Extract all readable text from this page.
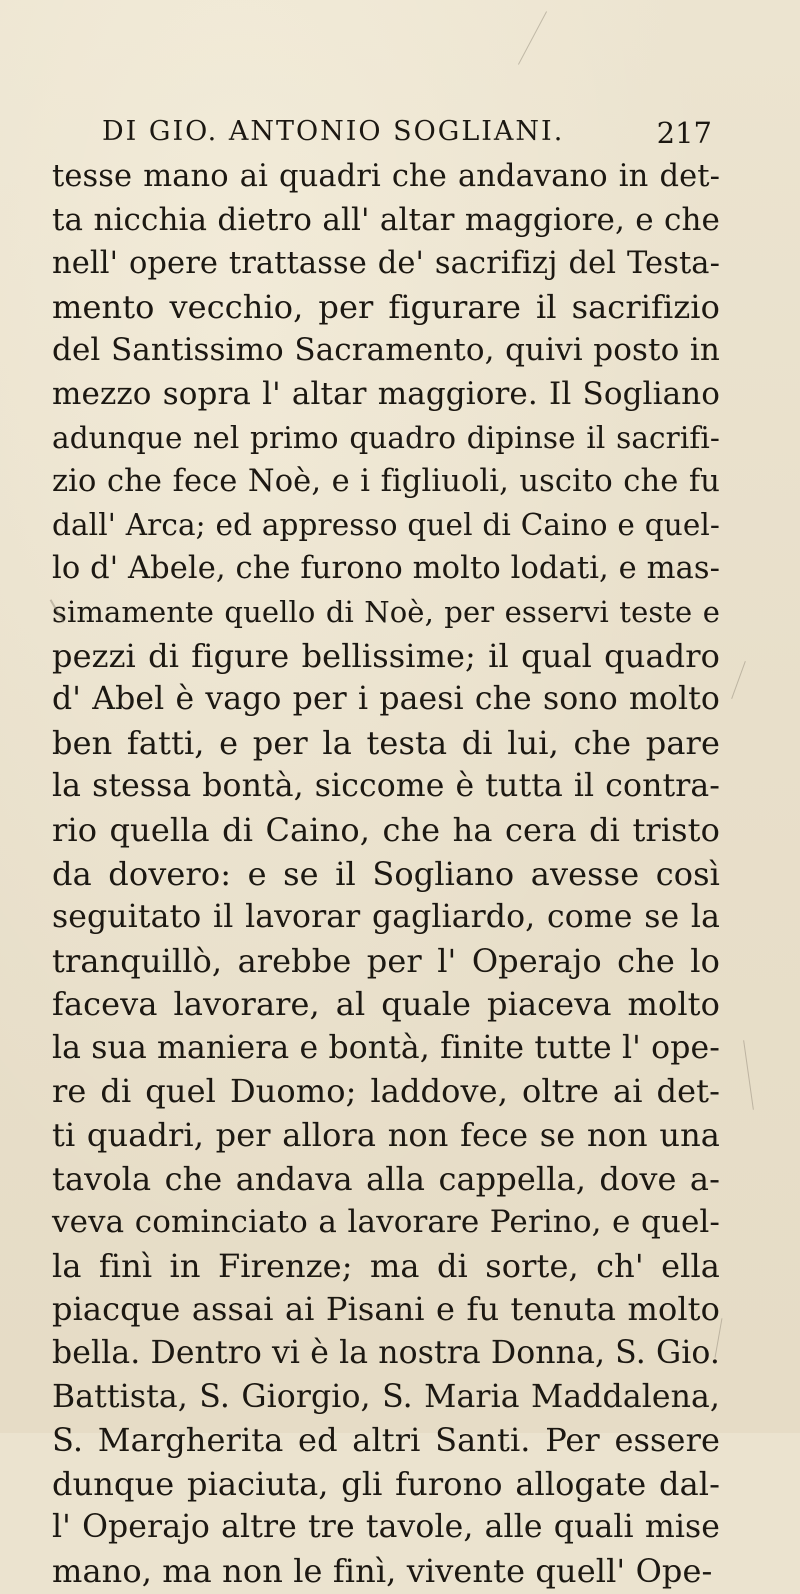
DI GIO. ANTONIO SOGLIANI.	217
tesse mano ai quadri che andavano in det-
ta nicchia dietro all' altar maggiore, e che
nell' opere trattasse de' sacrifizj del Testa-
mento vecchio, per figurare il sacrifizio
del Santissimo Sacramento, quivi posto in
mezzo sopra l' altar maggiore. Il Sogliano
adunque nel primo quadro dipinse il sacrifi-
zio che fece Noè, e i figliuoli, uscito che fu
dall' Arca; ed appresso quel di Caino e quel-
lo d' Abele, che furono molto lodati, e mas-
simamente quello di Noè, per esservi teste e
pezzi di figure bellissime; il qual quadro
d' Abel è vago per i paesi che sono molto
ben fatti, e per la testa di lui, che pare
la stessa bontà, siccome è tutta il contra-
rio quella di Caino, che ha cera di tristo
da dovero: e se il Sogliano avesse così
seguitato il lavorar gagliardo, come se la
tranquillò, arebbe per l' Operajo che lo
faceva lavorare, al quale piaceva molto
la sua maniera e bontà, finite tutte l' ope-
re di quel Duomo; laddove, oltre ai det-
ti quadri, per allora non fece se non una
tavola che andava alla cappella, dove a-
veva cominciato a lavorare Perino, e quel-
la finì in Firenze; ma di sorte, ch' ella
piacque assai ai Pisani e fu tenuta molto
bella. Dentro vi è la nostra Donna, S. Gio.
Battista, S. Giorgio, S. Maria Maddalena,
S. Margherita ed altri Santi. Per essere
dunque piaciuta, gli furono allogate dal-
l' Operajo altre tre tavole, alle quali mise
mano, ma non le finì, vivente quell' Ope-
